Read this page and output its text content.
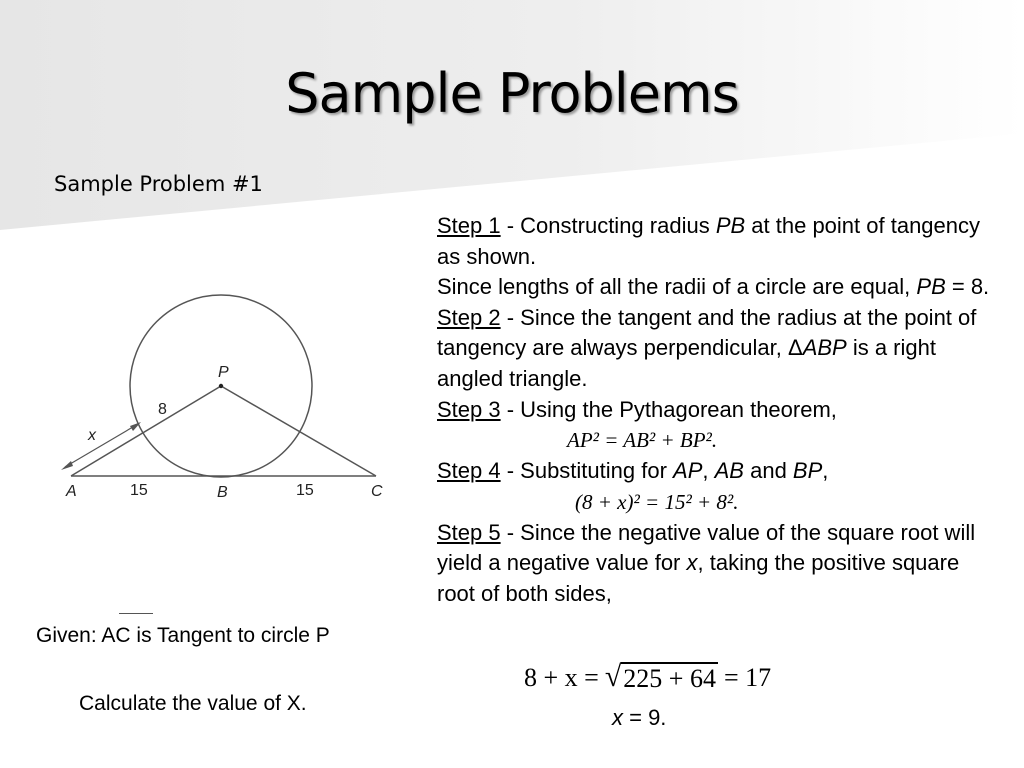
Sample Problems
Sample Problem #1
P
8
x
A	15	B	15	C
Given: AC is Tangent to circle P
Calculate the value of X.

Step 1 - Constructing radius PB at the point of tangency as shown.

Since lengths of all the radii of a circle are equal, PB = 8.

Step 2 - Since the tangent and the radius at the point of tangency are always perpendicular, ΔABP is a right angled triangle.

Step 3 - Using the Pythagorean theorem,

AP² = AB² + BP².

Step 4 - Substituting for AP, AB and BP,

(8 + x)² = 15² + 8².

Step 5 - Since the negative value of the square root will yield a negative value for x, taking the positive square root of both sides,

8 + x = √ 225 + 64 = 17
x = 9.
